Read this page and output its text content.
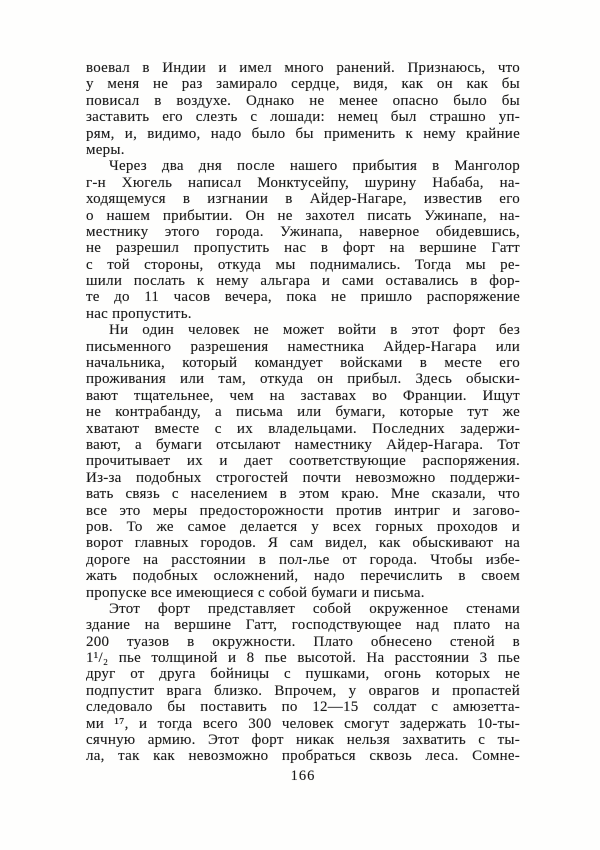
воевал в Индии и имел много ранений. Признаюсь, что
у меня не раз замирало сердце, видя, как он как бы
повисал в воздухе. Однако не менее опасно было бы
заставить его слезть с лошади: немец был страшно уп-
рям, и, видимо, надо было бы применить к нему крайние
меры.
Через два дня после нашего прибытия в Манголор
г-н Хюгель написал Монктусейпу, шурину Набаба, на-
ходящемуся в изгнании в Айдер-Нагаре, известив его
о нашем прибытии. Он не захотел писать Ужинапе, на-
местнику этого города. Ужинапа, наверное обидевшись,
не разрешил пропустить нас в форт на вершине Гатт
с той стороны, откуда мы поднимались. Тогда мы ре-
шили послать к нему альгара и сами оставались в фор-
те до 11 часов вечера, пока не пришло распоряжение
нас пропустить.
Ни один человек не может войти в этот форт без
письменного разрешения наместника Айдер-Нагара или
начальника, который командует войсками в месте его
проживания или там, откуда он прибыл. Здесь обыски-
вают тщательнее, чем на заставах во Франции. Ищут
не контрабанду, а письма или бумаги, которые тут же
хватают вместе с их владельцами. Последних задержи-
вают, а бумаги отсылают наместнику Айдер-Нагара. Тот
прочитывает их и дает соответствующие распоряжения.
Из-за подобных строгостей почти невозможно поддержи-
вать связь с населением в этом краю. Мне сказали, что
все это меры предосторожности против интриг и загово-
ров. То же самое делается у всех горных проходов и
ворот главных городов. Я сам видел, как обыскивают на
дороге на расстоянии в пол-лье от города. Чтобы избе-
жать подобных осложнений, надо перечислить в своем
пропуске все имеющиеся с собой бумаги и письма.
Этот форт представляет собой окруженное стенами
здание на вершине Гатт, господствующее над плато на
200 туазов в окружности. Плато обнесено стеной в
1¹/₂ пье толщиной и 8 пье высотой. На расстоянии 3 пье
друг от друга бойницы с пушками, огонь которых не
подпустит врага близко. Впрочем, у оврагов и пропастей
следовало бы поставить по 12—15 солдат с амюзетта-
ми ¹⁷, и тогда всего 300 человек смогут задержать 10-ты-
сячную армию. Этот форт никак нельзя захватить с ты-
ла, так как невозможно пробраться сквозь леса. Сомне-
166
